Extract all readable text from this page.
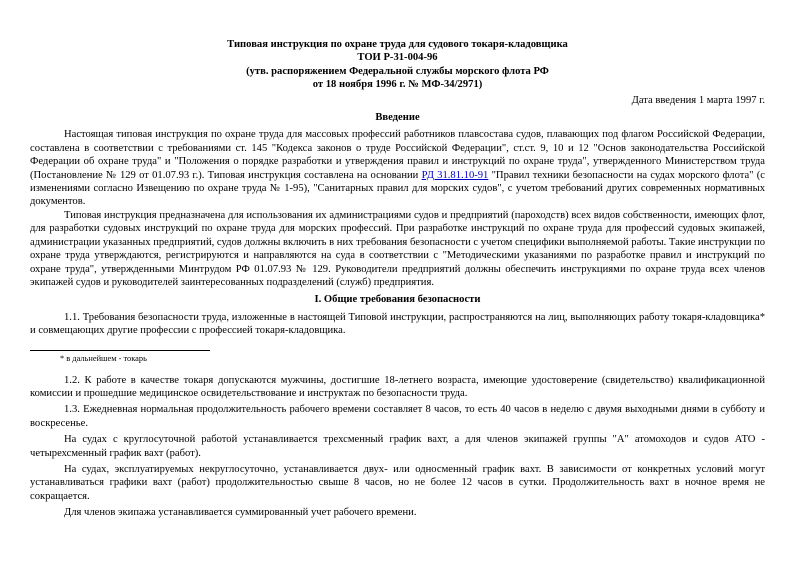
Типовая инструкция по охране труда для судового токаря-кладовщика
ТОИ Р-31-004-96
(утв. распоряжением Федеральной службы морского флота РФ
от 18 ноября 1996 г. № МФ-34/2971)
Дата введения 1 марта 1997 г.
Введение

Настоящая типовая инструкция по охране труда для массовых профессий работников плавсостава судов, плавающих под флагом Российской Федерации, составлена в соответствии с требованиями ст. 145 "Кодекса законов о труде Российской Федерации", ст.ст. 9, 10 и 12 "Основ законодательства Российской Федерации об охране труда" и "Положения о порядке разработки и утверждения правил и инструкций по охране труда", утвержденного Министерством труда (Постановление № 129 от 01.07.93 г.). Типовая инструкция составлена на основании РД 31.81.10-91 "Правил техники безопасности на судах морского флота" (с изменениями согласно Извещению по охране труда № 1-95), "Санитарных правил для морских судов", с учетом требований других современных нормативных документов.

Типовая инструкция предназначена для использования их администрациями судов и предприятий (пароходств) всех видов собственности, имеющих флот, для разработки судовых инструкций по охране труда для морских профессий. При разработке инструкций по охране труда для профессий судовых экипажей, администрации указанных предприятий, судов должны включить в них требования безопасности с учетом специфики выполняемой работы. Такие инструкции по охране труда утверждаются, регистрируются и направляются на суда в соответствии с "Методическими указаниями по разработке правил и инструкций по охране труда", утвержденными Минтрудом РФ 01.07.93 № 129. Руководители предприятий должны обеспечить инструкциями по охране труда всех членов экипажей судов и руководителей заинтересованных подразделений (служб) предприятия.

I. Общие требования безопасности

1.1. Требования безопасности труда, изложенные в настоящей Типовой инструкции, распространяются на лиц, выполняющих работу токаря-кладовщика* и совмещающих другие профессии с профессией токаря-кладовщика.

* в дальнейшем - токарь

1.2. К работе в качестве токаря допускаются мужчины, достигшие 18-летнего возраста, имеющие удостоверение (свидетельство) квалификационной комиссии и прошедшие медицинское освидетельствование и инструктаж по безопасности труда.

1.3. Ежедневная нормальная продолжительность рабочего времени составляет 8 часов, то есть 40 часов в неделю с двумя выходными днями в субботу и воскресенье.

На судах с круглосуточной работой устанавливается трехсменный график вахт, а для членов экипажей группы "А" атомоходов и судов АТО - четырехсменный график вахт (работ).

На судах, эксплуатируемых некруглосуточно, устанавливается двух- или односменный график вахт. В зависимости от конкретных условий могут устанавливаться графики вахт (работ) продолжительностью свыше 8 часов, но не более 12 часов в сутки. Продолжительность вахт в ночное время не сокращается.

Для членов экипажа устанавливается суммированный учет рабочего времени.
